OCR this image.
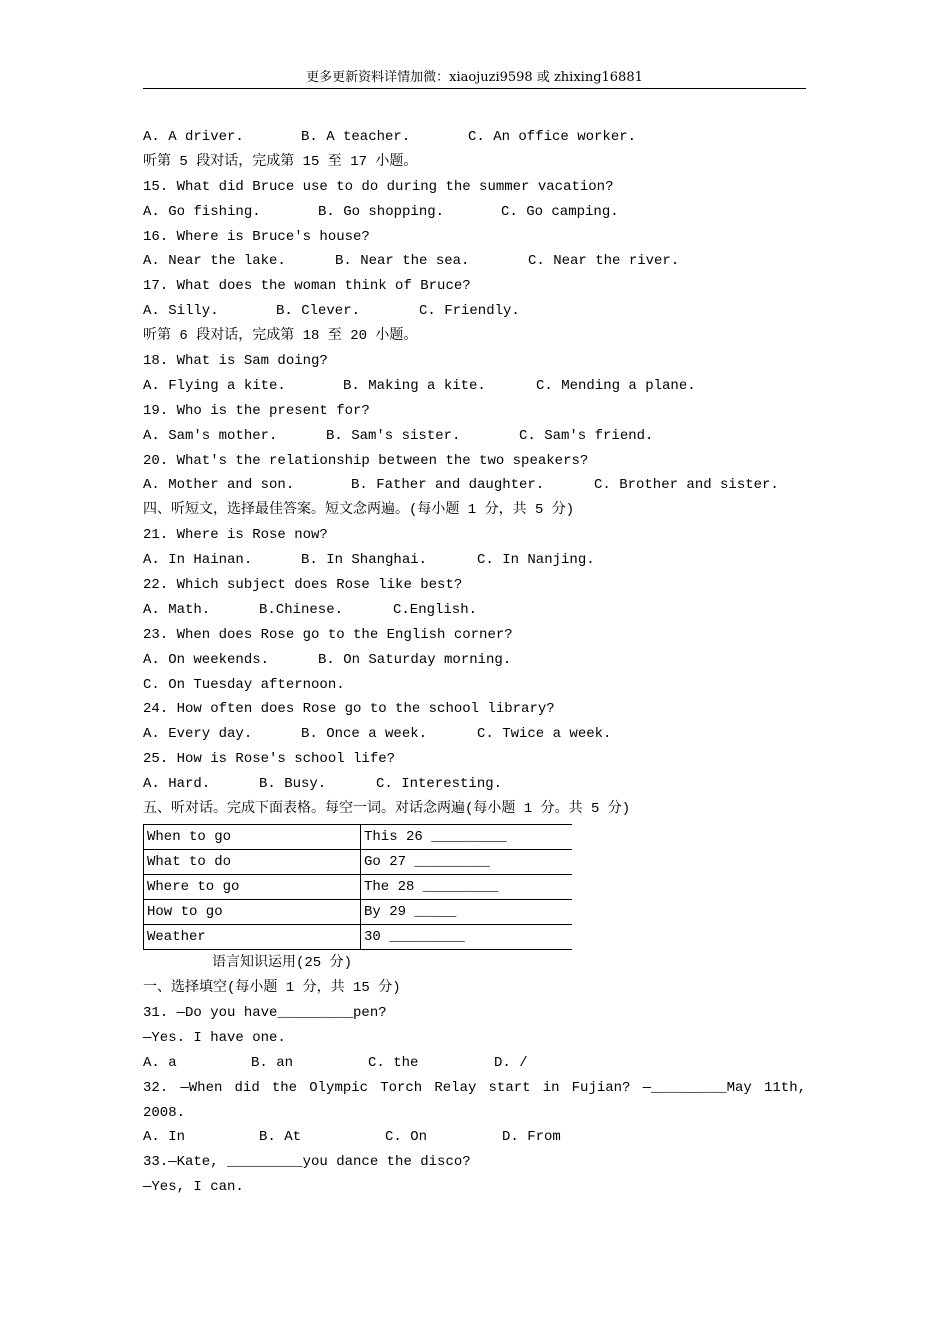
更多更新资料详情加微：xiaojuzi9598 或 zhixing16881
A. A driver.	B. A teacher.	C. An office worker.
听第 5 段对话，完成第 15 至 17 小题。
15. What did Bruce use to do during the summer vacation?
A. Go fishing.	B. Go shopping.	C. Go camping.
16. Where is Bruce's house?
A. Near the lake.	B. Near the sea.	C. Near the river.
17. What does the woman think of Bruce?
A. Silly.	B. Clever.	C. Friendly.
听第 6 段对话，完成第 18 至 20 小题。
18. What is Sam doing?
A. Flying a kite.	B. Making a kite.	C. Mending a plane.
19. Who is the present for?
A. Sam's mother.	B. Sam's sister.	C. Sam's friend.
20. What's the relationship between the two speakers?
A. Mother and son.	B. Father and daughter.	C. Brother and sister.
四、听短文，选择最佳答案。短文念两遍。(每小题 1 分，共 5 分)
21. Where is Rose now?
A. In Hainan.	B. In Shanghai.	C. In Nanjing.
22. Which subject does Rose like best?
A. Math.	B.Chinese.	C.English.
23. When does Rose go to the English corner?
A. On weekends.	B. On Saturday morning.
C. On Tuesday afternoon.
24. How often does Rose go to the school library?
A. Every day.	B. Once a week.	C. Twice a week.
25. How is Rose's school life?
A. Hard.	B. Busy.	C. Interesting.
五、听对话。完成下面表格。每空一词。对话念两遍(每小题 1 分。共 5 分)
When to go	This 26 _________
What to do	Go 27 _________
Where to go	The 28 _________
How to go	By 29 _____
Weather	30 _________
语言知识运用(25 分)
一、选择填空(每小题 1 分，共 15 分)
31. —Do you have_________pen?
—Yes. I have one.
A. a	B. an	C. the	D. /
32. —When did the Olympic Torch Relay start in Fujian? —_________May 11th, 2008.
A. In	B. At	C. On	D. From
33.—Kate, _________you dance the disco?
—Yes, I can.
